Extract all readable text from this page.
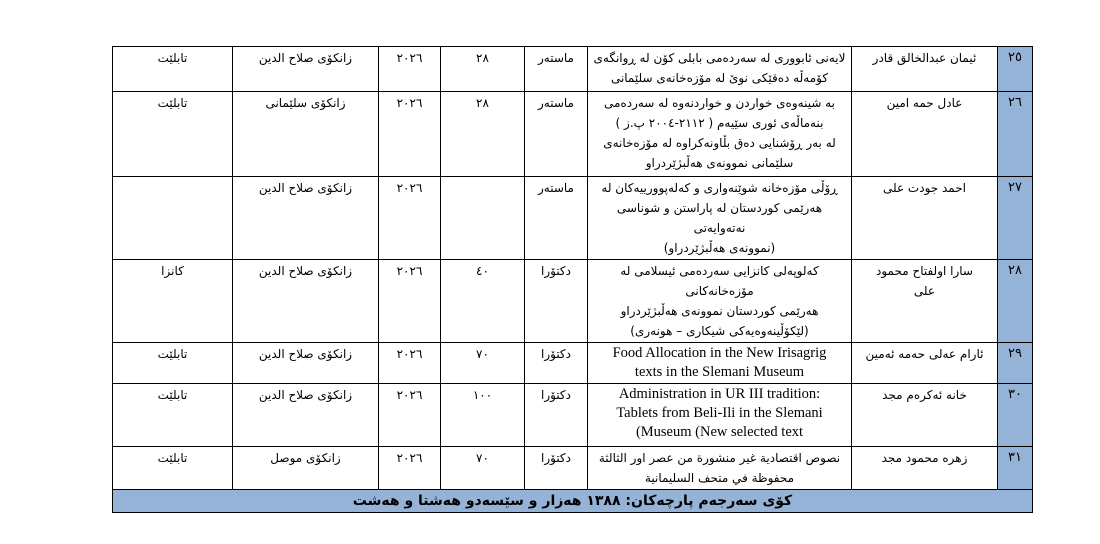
٢٥	ئیمان عبدالخالق قادر	لایەنی ئابووری لە سەردەمی بابلی کۆن لە ڕوانگەی
کۆمەڵە دەقێکی نوێ لە مۆزەخانەی سلێمانی	ماستەر	٢٨	٢٠٢٦	زانکۆی صلاح الدین	تابلێت
٢٦	عادل حمه امین	بە شینەوەی خواردن و خواردنەوە لە سەردەمی
بنەماڵەی ئوری سێیەم ( ٢١١٢-٢٠٠٤ پ.ز )
لە بەر ڕۆشنایی دەق بڵاونەکراوە لە مۆزەخانەی
سلێمانی نموونەی هەڵبژێردراو	ماستەر	٢٨	٢٠٢٦	زانکۆی سلێمانی	تابلێت
٢٧	احمد جودت علی	ڕۆڵی مۆزەخانە شوێنەواری و کەلەپوورییەکان لە
هەرێمی کوردستان لە پاراستن و شوناسی نەتەوایەتی
(نموونەی هەڵبژێردراو)	ماستەر		٢٠٢٦	زانکۆی صلاح الدین	
٢٨	سارا اولفتاح محمود
علی	کەلوپەلی کانزایی سەردەمی ئیسلامی لە مۆزەخانەکانی
هەرێمی کوردستان نموونەی هەڵبژێردراو
(لێکۆڵینەوەیەکی شیکاری – هونەری)	دکتۆرا	٤٠	٢٠٢٦	زانکۆی صلاح الدین	کانزا
٢٩	ئارام عەلی حەمە ئەمین	Food Allocation in the New Irisagrig
texts in the Slemani Museum	دکتۆرا	٧٠	٢٠٢٦	زانکۆی صلاح الدین	تابلێت
٣٠	خانه ئەکرەم مجد	Administration in UR III tradition:
Tablets from Beli-Ili in the Slemani
(Museum (New selected text	دکتۆرا	١٠٠	٢٠٢٦	زانکۆی صلاح الدین	تابلێت
٣١	زهره محمود مجد	نصوص اقتصادیة غیر منشورة من عصر اور الثالثة
محفوظة في متحف السلیمانیة	دکتۆرا	٧٠	٢٠٢٦	زانکۆی موصل	تابلێت
کۆی سەرجەم پارچەکان: ١٣٨٨ هەزار و سێسەدو هەشتا و هەشت							
